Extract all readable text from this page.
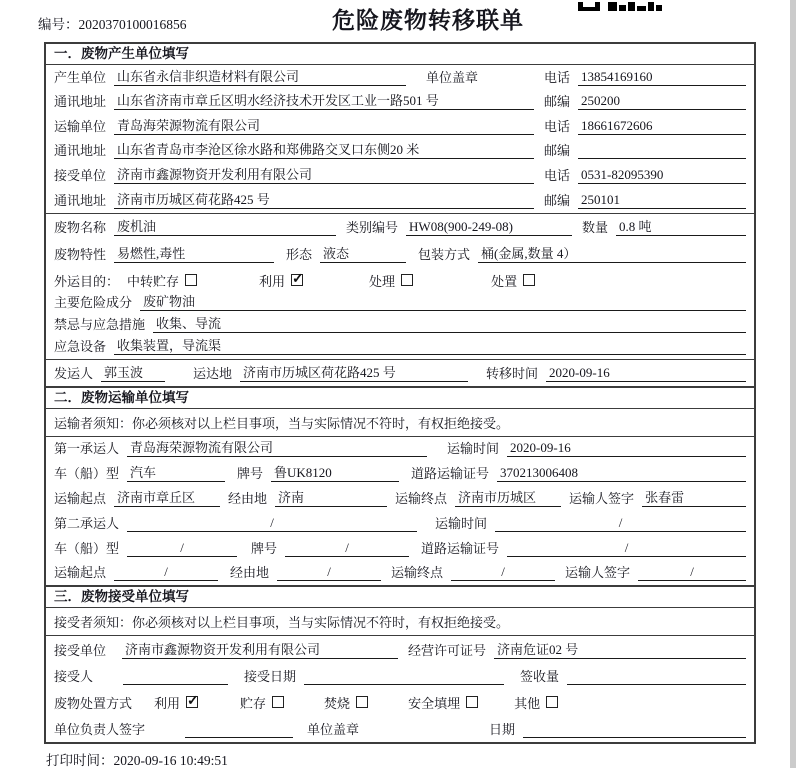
编号：2020370100016856	危险废物转移联单
一．废物产生单位填写
产生单位 山东省永信非织造材料有限公司	单位盖章	电话 13854169160
通讯地址 山东省济南市章丘区明水经济技术开发区工业一路501 号	邮编 250200
运输单位 青岛海荣源物流有限公司	电话 18661672606
通讯地址 山东省青岛市李沧区徐水路和郑佛路交叉口东侧20 米	邮编
接受单位 济南市鑫源物资开发利用有限公司	电话 0531-82095390
通讯地址 济南市历城区荷花路425 号	邮编 250101
废物名称 废机油	类别编号 HW08(900-249-08)	数量 0.8 吨
废物特性 易燃性,毒性	形态 液态	包装方式 桶(金属,数量 4）
外运目的： 中转贮存	利用 ✓	处理	处置
主要危险成分 废矿物油
禁忌与应急措施 收集、导流
应急设备 收集装置，导流渠
发运人 郭玉波	运达地 济南市历城区荷花路425 号	转移时间 2020-09-16
二．废物运输单位填写
运输者须知：你必须核对以上栏目事项，当与实际情况不符时，有权拒绝接受。
第一承运人 青岛海荣源物流有限公司	运输时间 2020-09-16
车（船）型 汽车	牌号 鲁UK8120	道路运输证号 370213006408
运输起点 济南市章丘区	经由地 济南	运输终点 济南市历城区	运输人签字 张春雷
第二承运人	/	运输时间	/
车（船）型	/	牌号	/	道路运输证号	/
运输起点	/	经由地	/	运输终点	/	运输人签字	/
三．废物接受单位填写
接受者须知：你必须核对以上栏目事项，当与实际情况不符时，有权拒绝接受。
接受单位 济南市鑫源物资开发利用有限公司	经营许可证号 济南危证02 号
接受人	接受日期	签收量
废物处置方式 利用 ✓	贮存	焚烧	安全填埋	其他
单位负责人签字	单位盖章	日期
打印时间：2020-09-16 10:49:51
